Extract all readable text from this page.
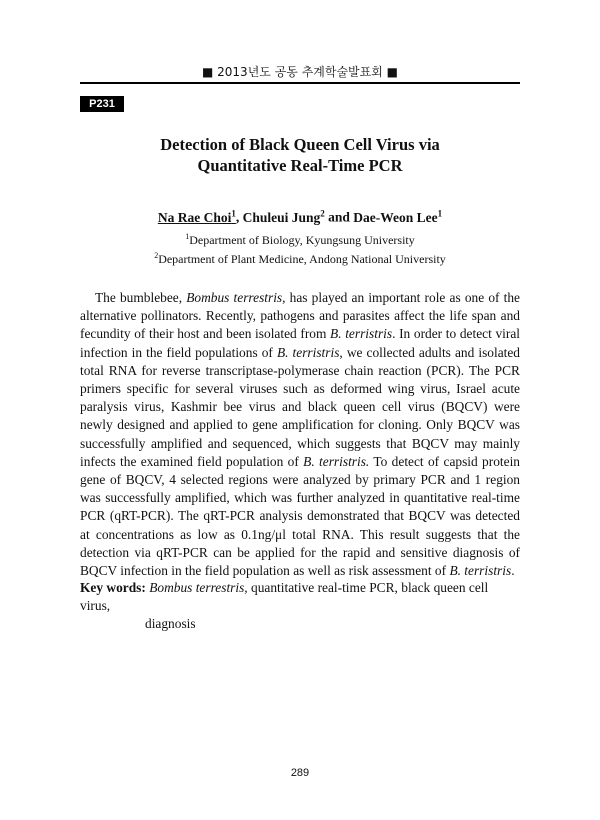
■ 2013년도 공동 추계학술발표회 ■
P231
Detection of Black Queen Cell Virus via
Quantitative Real-Time PCR
Na Rae Choi$^1$, Chuleui Jung$^2$ and Dae-Weon Lee$^1$
$^1$Department of Biology, Kyungsung University
$^2$Department of Plant Medicine, Andong National University

The bumblebee, Bombus terrestris, has played an important role as one of the alternative pollinators. Recently, pathogens and parasites affect the life span and fecundity of their host and been isolated from B. terristris. In order to detect viral infection in the field populations of B. terristris, we collected adults and isolated total RNA for reverse transcriptase-polymerase chain reaction (PCR). The PCR primers specific for several viruses such as deformed wing virus, Israel acute paralysis virus, Kashmir bee virus and black queen cell virus (BQCV) were newly designed and applied to gene amplification for cloning. Only BQCV was successfully amplified and sequenced, which suggests that BQCV may mainly infects the examined field population of B. terristris. To detect of capsid protein gene of BQCV, 4 selected regions were analyzed by primary PCR and 1 region was successfully amplified, which was further analyzed in quantitative real-time PCR (qRT-PCR). The qRT-PCR analysis demonstrated that BQCV was detected at concentrations as low as 0.1ng/μl total RNA. This result suggests that the detection via qRT-PCR can be applied for the rapid and sensitive diagnosis of BQCV infection in the field population as well as risk assessment of B. terristris.

Key words: Bombus terrestris, quantitative real-time PCR, black queen cell virus,
diagnosis
289
